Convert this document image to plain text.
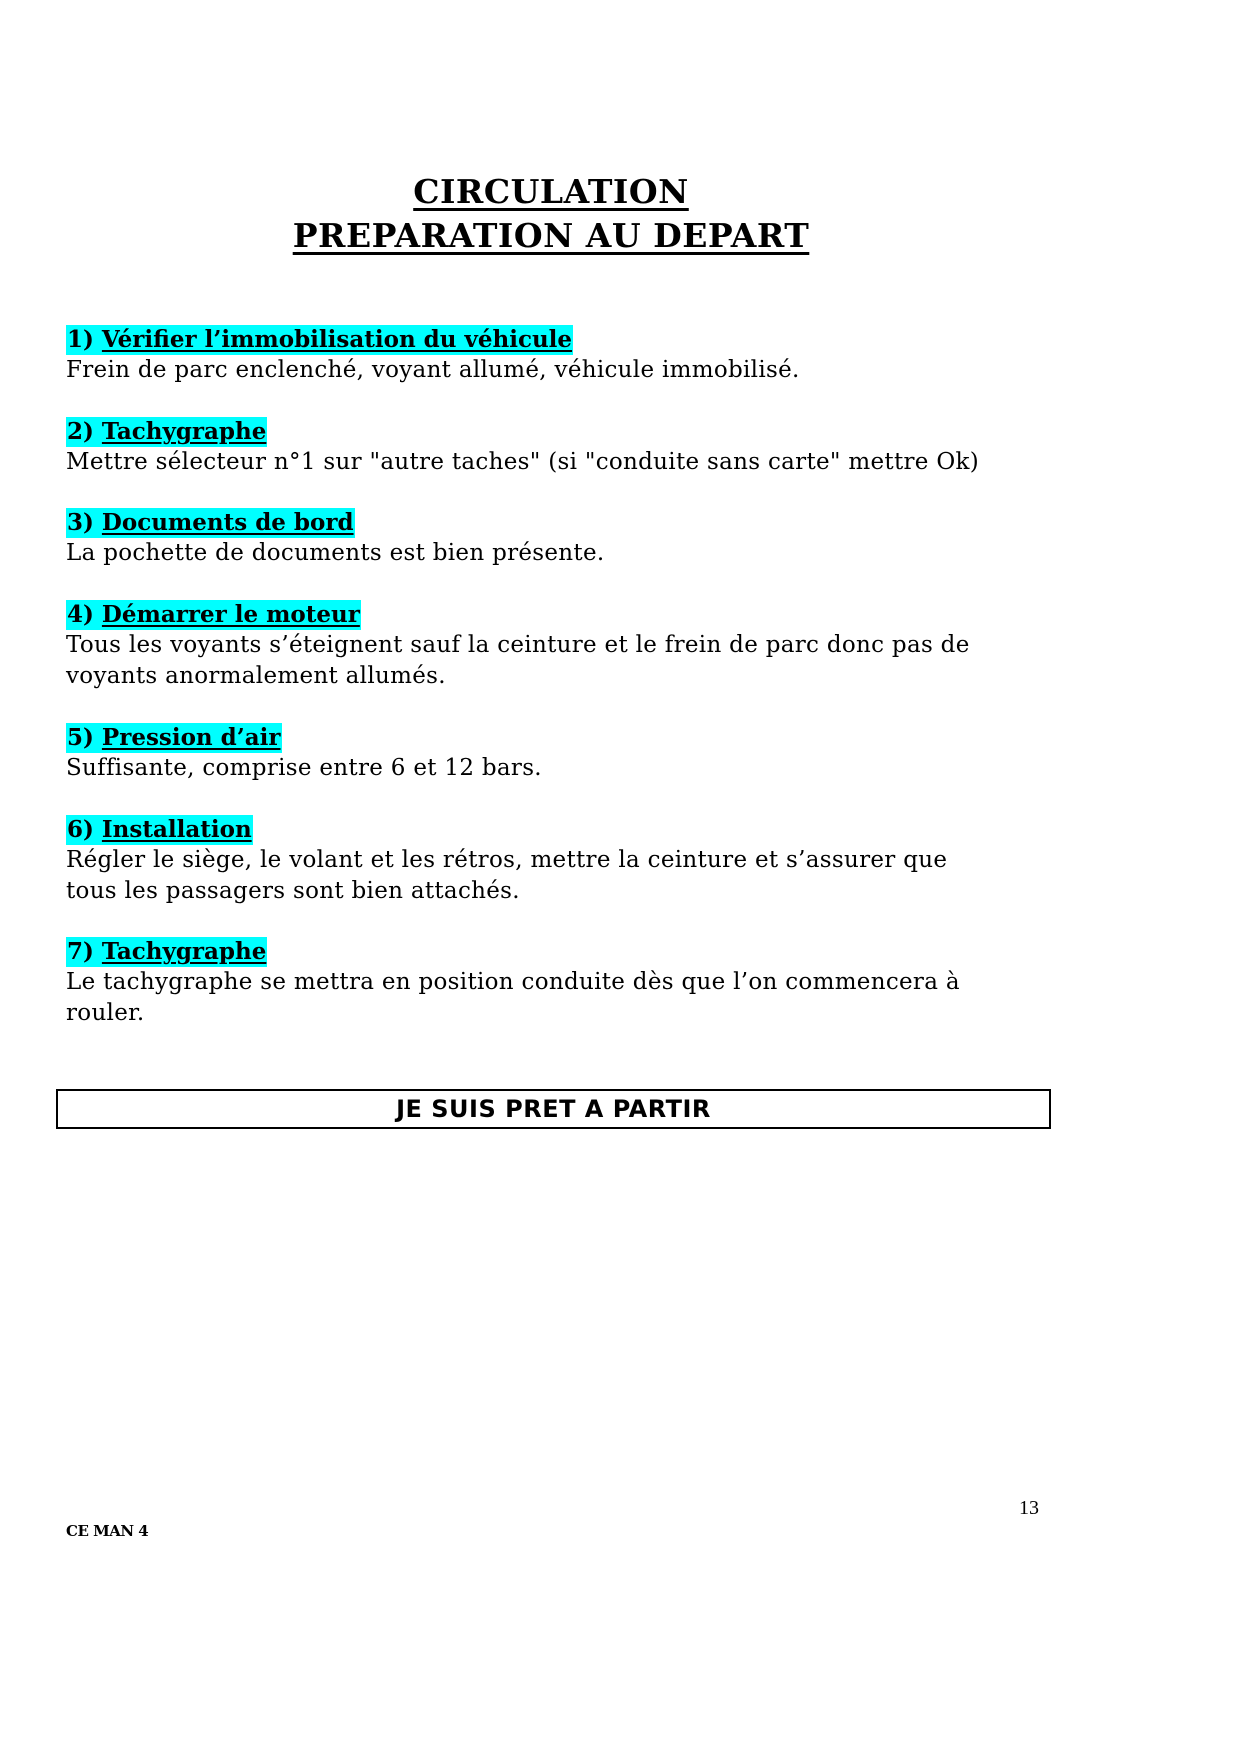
CIRCULATION
PREPARATION AU DEPART
1) Vérifier l’immobilisation du véhicule
Frein de parc enclenché, voyant allumé, véhicule immobilisé.
2) Tachygraphe
Mettre sélecteur n°1 sur "autre taches" (si "conduite sans carte" mettre Ok)
3) Documents de bord
La pochette de documents est bien présente.
4) Démarrer le moteur
Tous les voyants s’éteignent sauf la ceinture et le frein de parc donc pas de
voyants anormalement allumés.
5) Pression d’air
Suffisante, comprise entre 6 et 12 bars.
6) Installation
Régler le siège, le volant et les rétros, mettre la ceinture et s’assurer que
tous les passagers sont bien attachés.
7) Tachygraphe
Le tachygraphe se mettra en position conduite dès que l’on commencera à
rouler.
JE SUIS PRET A PARTIR
13
CE MAN 4
